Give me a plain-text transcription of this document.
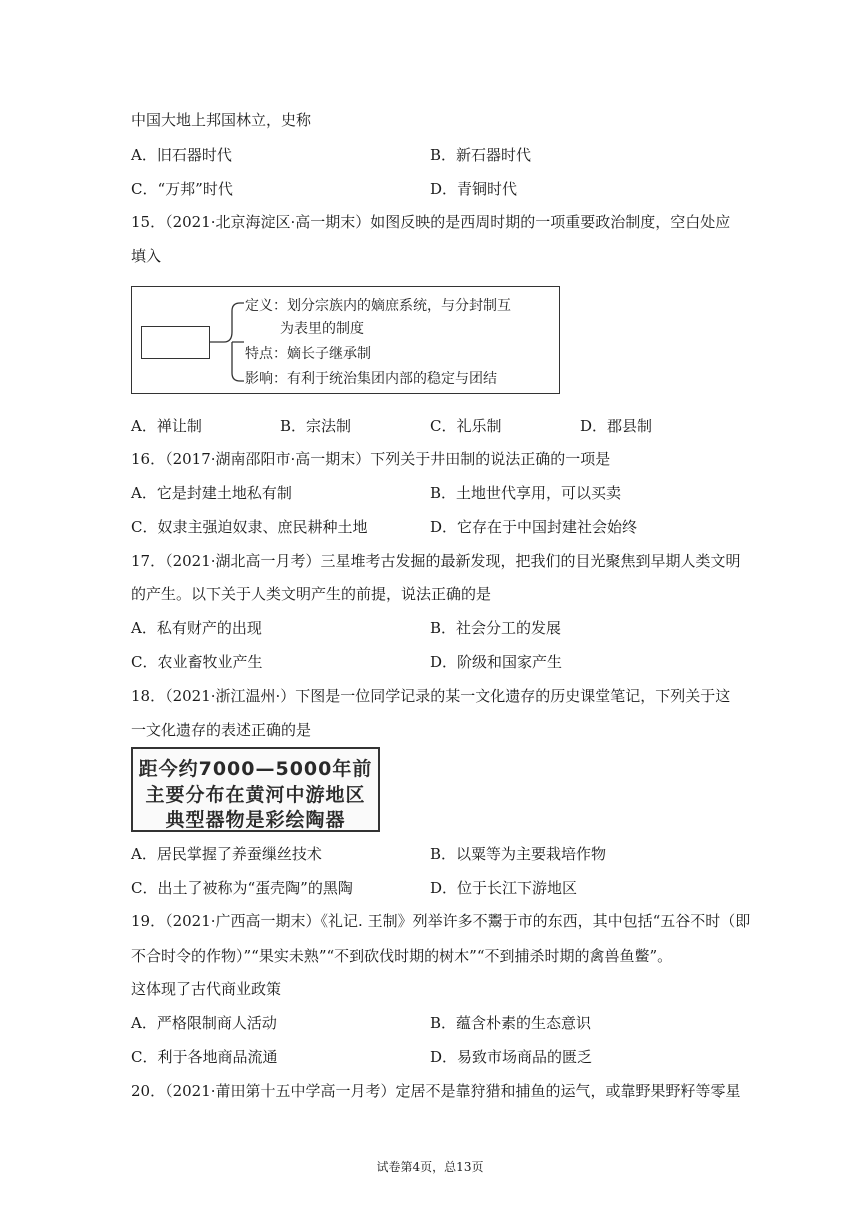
中国大地上邦国林立，史称
A．旧石器时代	B．新石器时代
C．“万邦”时代	D．青铜时代
15．（2021·北京海淀区·高一期末）如图反映的是西周时期的一项重要政治制度，空白处应
填入
定义：划分宗族内的嫡庶系统，与分封制互
为表里的制度
特点：嫡长子继承制
影响：有利于统治集团内部的稳定与团结
A．禅让制	B．宗法制	C．礼乐制	D．郡县制
16．（2017·湖南邵阳市·高一期末）下列关于井田制的说法正确的一项是
A．它是封建土地私有制	B．土地世代享用，可以买卖
C．奴隶主强迫奴隶、庶民耕种土地	D．它存在于中国封建社会始终
17．（2021·湖北高一月考）三星堆考古发掘的最新发现，把我们的目光聚焦到早期人类文明
的产生。以下关于人类文明产生的前提，说法正确的是
A．私有财产的出现	B．社会分工的发展
C．农业畜牧业产生	D．阶级和国家产生
18．（2021·浙江温州·）下图是一位同学记录的某一文化遗存的历史课堂笔记，下列关于这
一文化遗存的表述正确的是
距今约7000—5000年前
主要分布在黄河中游地区
典型器物是彩绘陶器
A．居民掌握了养蚕缫丝技术	B．以粟等为主要栽培作物
C．出土了被称为“蛋壳陶”的黑陶	D．位于长江下游地区
19．（2021·广西高一期末）《礼记. 王制》列举许多不鬻于市的东西，其中包括“五谷不时（即
不合时令的作物）”“果实未熟”“不到砍伐时期的树木”“不到捕杀时期的禽兽鱼鳖”。
这体现了古代商业政策
A．严格限制商人活动	B．蕴含朴素的生态意识
C．利于各地商品流通	D．易致市场商品的匮乏
20．（2021·莆田第十五中学高一月考）定居不是靠狩猎和捕鱼的运气，或靠野果野籽等零星
试卷第4页，总13页
